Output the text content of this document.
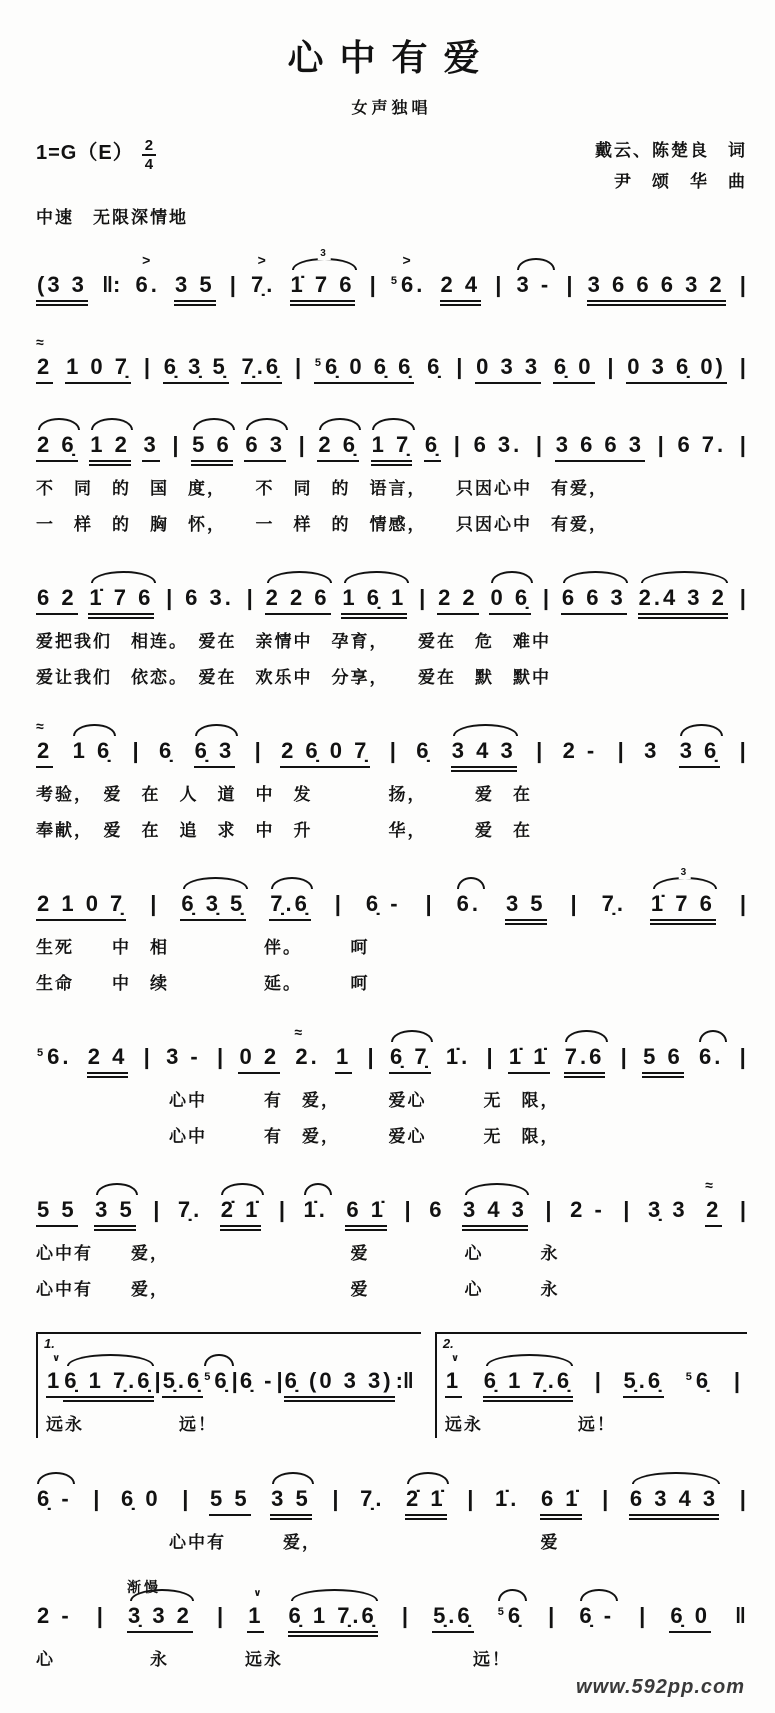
心中有爱
女声独唱
$1=G(E) \frac{2}{4}$	戴云、陈楚良　词
尹　颂　华　曲
中速　无限深情地
(3 3 ‖:
>
6. 3 5 |
>
7̣.
3
1̇ 7 6 |
>
$^5$6. 2 4 | 3 - | 3 6 6 6 3 2 |
≈
2 1 0 7̣ | 6̣ 3̣ 5̣ 7̣.6̣ | $^5$6̣ 0 6̣ 6̣ 6̣ | 0 3 3 6̣ 0 | 0 3 6̣ 0) |
2 6̣ 1 2 3 | 5 6 6 3 | 2 6̣ 1 7̣ 6̣ | 6 3. | 3 6 6 3 | 6 7. |
不　同　的　国　度，　　不　同　的　语言，　　只因心中　有爱，
一　样　的　胸　怀，　　一　样　的　情感，　　只因心中　有爱，
6 2 1̇ 7 6 | 6 3. | 2 2 6 1 6̣ 1 | 2 2 0 6̣ | 6 6 3 2.4 3 2 |
爱把我们　相连。　爱在　亲情中　孕育，　　爱在　危　难中
爱让我们　依恋。　爱在　欢乐中　分享，　　爱在　默　默中
≈
2 1 6̣ | 6̣ 6̣ 3 | 2 6̣ 0 7̣ | 6̣ 3 4 3 | 2 - | 3 3 6̣ |
考验，　爱　在　人　道　中　发　　　　扬，　　　爱　在
奉献，　爱　在　追　求　中　升　　　　华，　　　爱　在
2 1 0 7̣ | 6̣ 3̣ 5̣ 7̣.6̣ | 6̣ - | 6. 3 5 | 7̣.
3
1̇ 7 6 |
生死　　中　相　　　　　伴。　　　呵
生命　　中　续　　　　　延。　　　呵
$^5$6. 2 4 | 3 - | 0 2
≈
2. 1 | 6̣ 7̣ 1̇. | 1̇ 1̇ 7.6 | 5 6 6. |
　　　　　　　心中　　　有　爱，　　　爱心　　　无　限，
　　　　　　　心中　　　有　爱，　　　爱心　　　无　限，
5 5 3 5 | 7̣. 2̇ 1̇ | 1̇. 6 1̇ | 6 3 4 3 | 2 - | 3̣ 3
≈
2 |
心中有　　爱，　　　　　　　　　　爱　　　　　心　　　永
心中有　　爱，　　　　　　　　　　爱　　　　　心　　　永
1.
∨
1 6̣ 1 7̣.6̣ | 5̣.6̣ $^5$6̣ | 6̣ - | 6̣ (0 3 3) :‖
远永　　　　　远！
2.
∨
1 6̣ 1 7̣.6̣ | 5̣.6̣ $^5$6̣ |
远永　　　　　远！
6̣ - | 6̣ 0 | 5 5 3 5 | 7̣. 2̇ 1̇ | 1̇. 6 1̇ | 6 3 4 3 |
　　　　　　　心中有　　　爱，　　　　　　　　　　　　爱
2 - |
渐慢
3̣ 3 2 |
∨
1 6̣ 1 7̣.6̣ | 5̣.6̣ $^5$6̣ | 6̣ - | 6̣ 0 ‖
心　　　　　永　　　　远永　　　　　　　　　　远！
www.592pp.com
